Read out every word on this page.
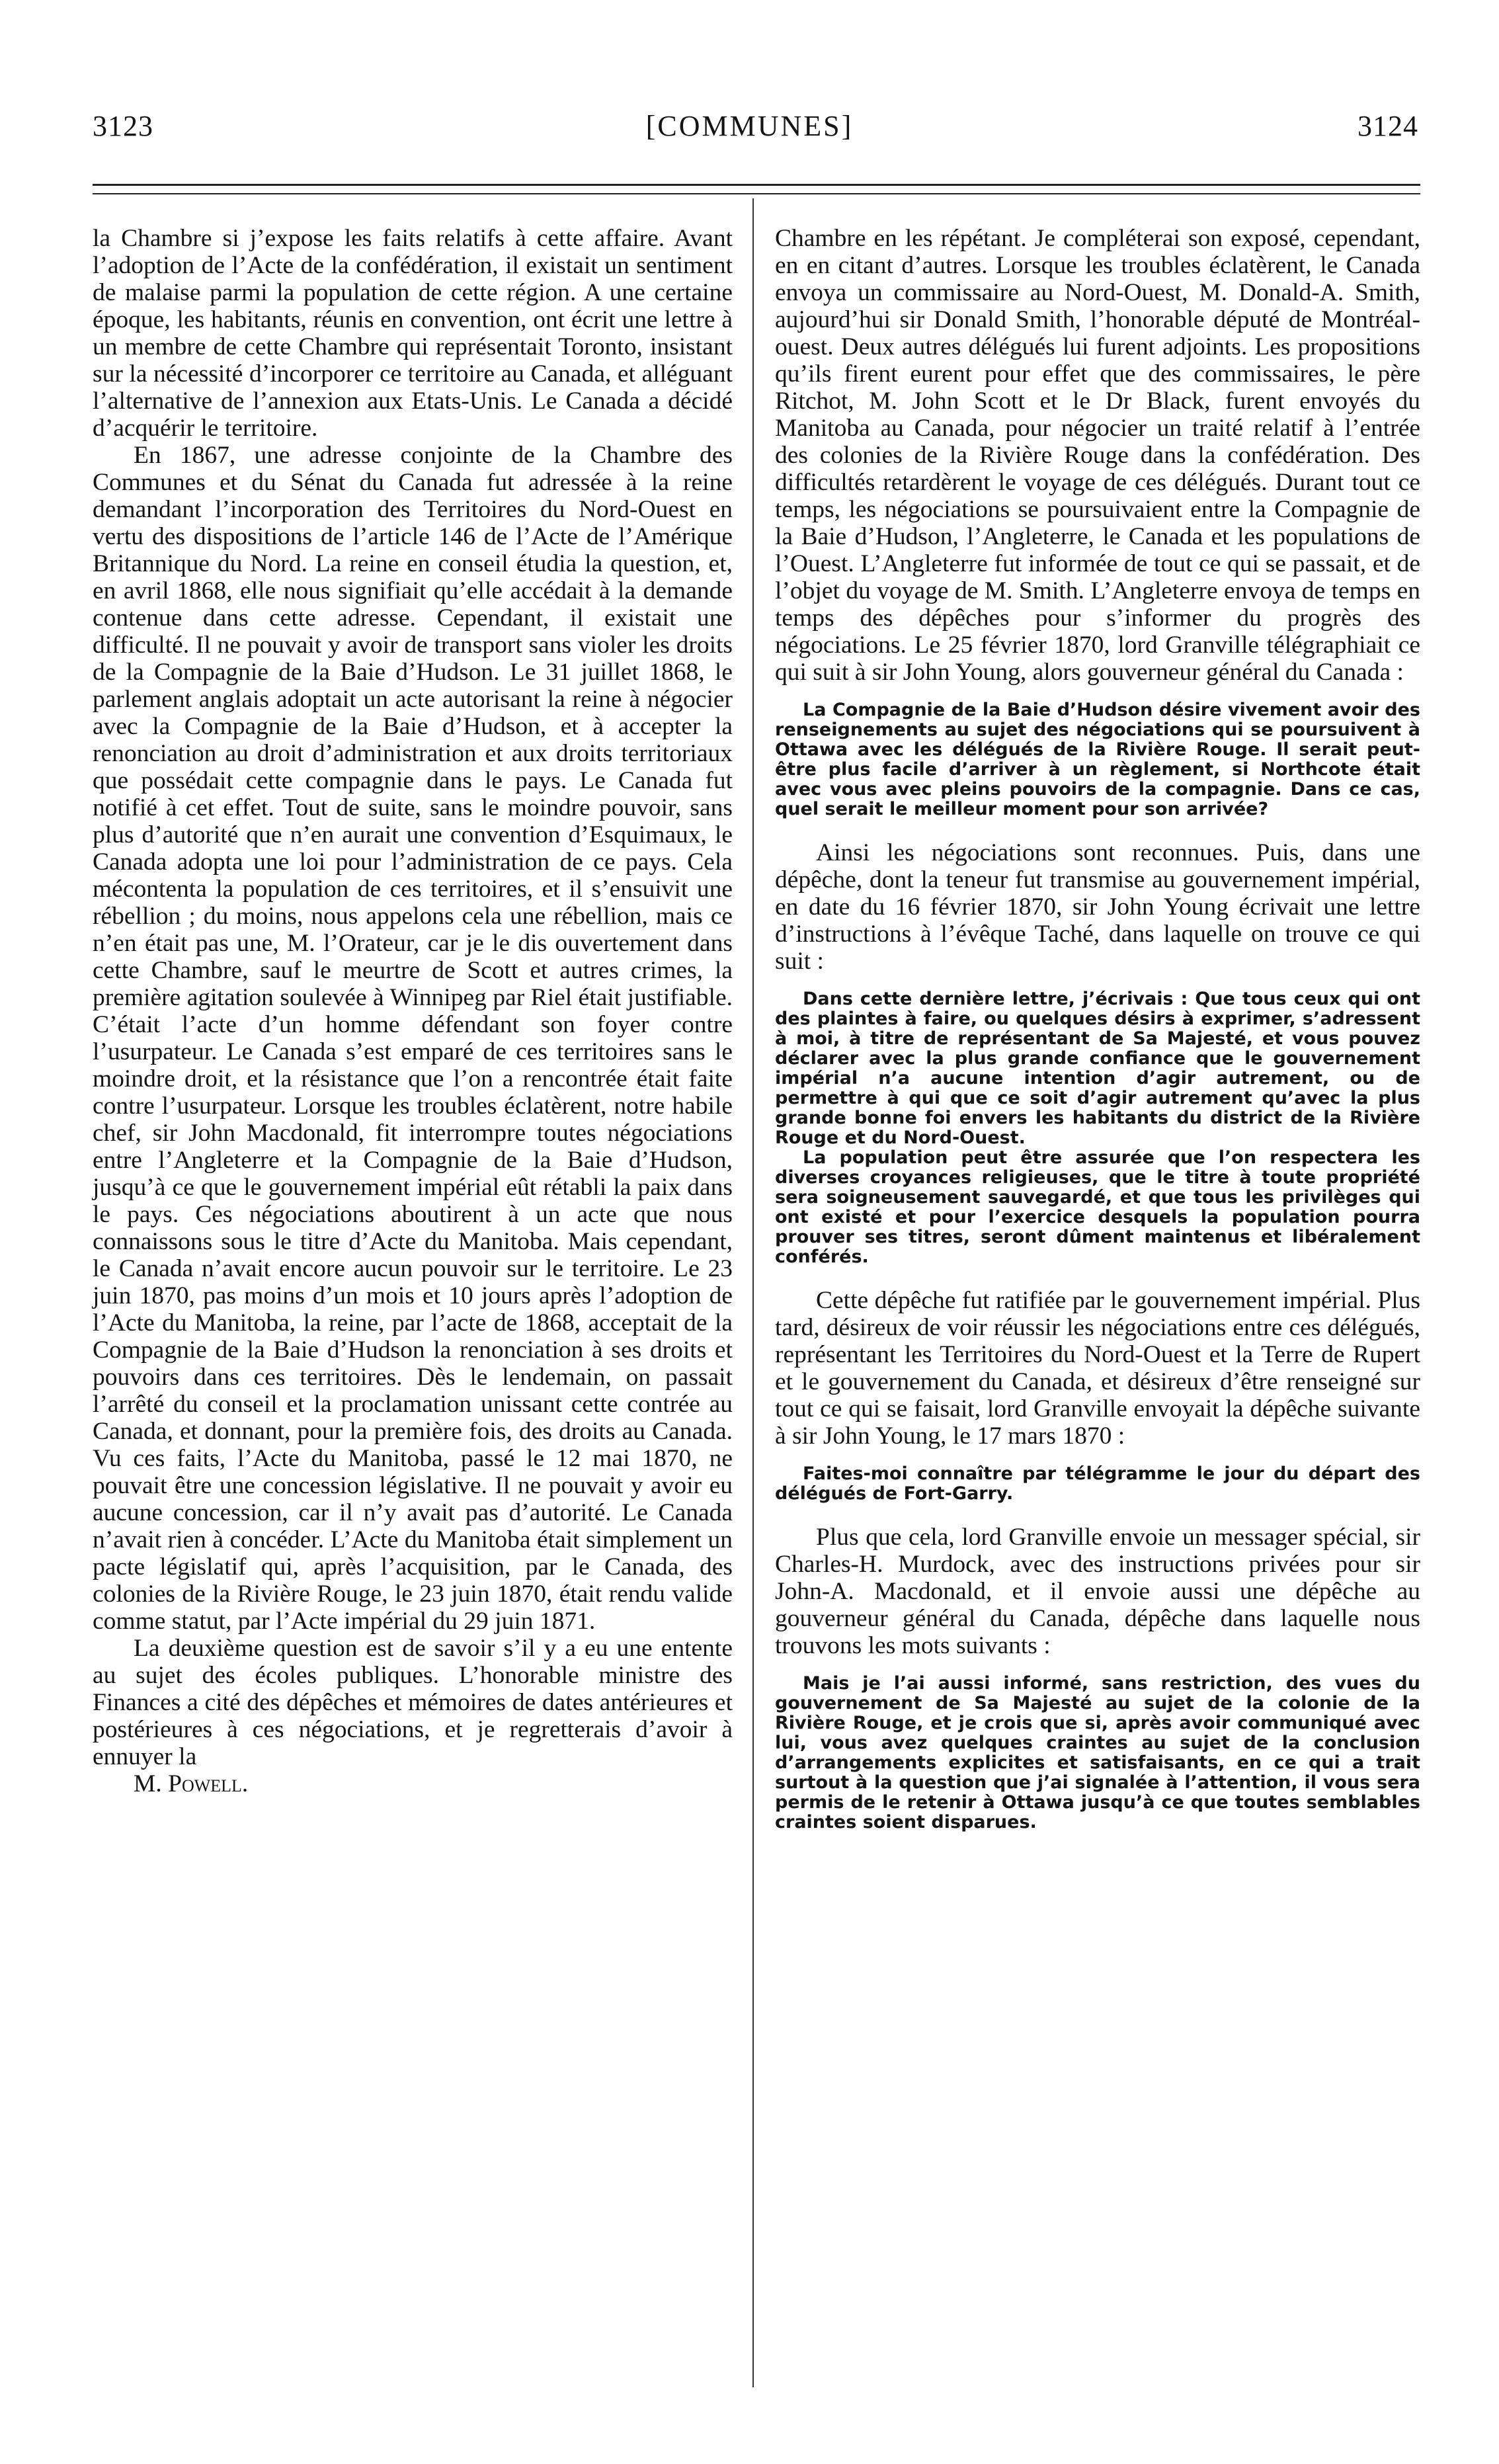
3123	[COMMUNES]	3124

la Chambre si j’expose les faits relatifs à cette affaire. Avant l’adoption de l’Acte de la confédération, il existait un sentiment de malaise parmi la population de cette région. A une certaine époque, les habitants, réunis en convention, ont écrit une lettre à un membre de cette Chambre qui représentait Toronto, insistant sur la nécessité d’incorporer ce territoire au Canada, et alléguant l’alternative de l’annexion aux Etats-Unis. Le Canada a décidé d’acquérir le territoire.

En 1867, une adresse conjointe de la Chambre des Communes et du Sénat du Canada fut adressée à la reine demandant l’incorporation des Territoires du Nord-Ouest en vertu des dispositions de l’article 146 de l’Acte de l’Amérique Britannique du Nord. La reine en conseil étudia la question, et, en avril 1868, elle nous signifiait qu’elle accédait à la demande contenue dans cette adresse. Cependant, il existait une difficulté. Il ne pouvait y avoir de transport sans violer les droits de la Compagnie de la Baie d’Hudson. Le 31 juillet 1868, le parlement anglais adoptait un acte autorisant la reine à négocier avec la Compagnie de la Baie d’Hudson, et à accepter la renonciation au droit d’administration et aux droits territoriaux que possédait cette compagnie dans le pays. Le Canada fut notifié à cet effet. Tout de suite, sans le moindre pouvoir, sans plus d’autorité que n’en aurait une convention d’Esquimaux, le Canada adopta une loi pour l’administration de ce pays. Cela mécontenta la population de ces territoires, et il s’ensuivit une rébellion ; du moins, nous appelons cela une rébellion, mais ce n’en était pas une, M. l’Orateur, car je le dis ouvertement dans cette Chambre, sauf le meurtre de Scott et autres crimes, la première agitation soulevée à Winnipeg par Riel était justifiable. C’était l’acte d’un homme défendant son foyer contre l’usurpateur. Le Canada s’est emparé de ces territoires sans le moindre droit, et la résistance que l’on a rencontrée était faite contre l’usurpateur. Lorsque les troubles éclatèrent, notre habile chef, sir John Macdonald, fit interrompre toutes négociations entre l’Angleterre et la Compagnie de la Baie d’Hudson, jusqu’à ce que le gouvernement impérial eût rétabli la paix dans le pays. Ces négociations aboutirent à un acte que nous connaissons sous le titre d’Acte du Manitoba. Mais cependant, le Canada n’avait encore aucun pouvoir sur le territoire. Le 23 juin 1870, pas moins d’un mois et 10 jours après l’adoption de l’Acte du Manitoba, la reine, par l’acte de 1868, acceptait de la Compagnie de la Baie d’Hudson la renonciation à ses droits et pouvoirs dans ces territoires. Dès le lendemain, on passait l’arrêté du conseil et la proclamation unissant cette contrée au Canada, et donnant, pour la première fois, des droits au Canada. Vu ces faits, l’Acte du Manitoba, passé le 12 mai 1870, ne pouvait être une concession législative. Il ne pouvait y avoir eu aucune concession, car il n’y avait pas d’autorité. Le Canada n’avait rien à concéder. L’Acte du Manitoba était simplement un pacte législatif qui, après l’acquisition, par le Canada, des colonies de la Rivière Rouge, le 23 juin 1870, était rendu valide comme statut, par l’Acte impérial du 29 juin 1871.

La deuxième question est de savoir s’il y a eu une entente au sujet des écoles publiques. L’honorable ministre des Finances a cité des dépêches et mémoires de dates antérieures et postérieures à ces négociations, et je regretterais d’avoir à ennuyer la

M. Powell.

Chambre en les répétant. Je compléterai son exposé, cependant, en en citant d’autres. Lorsque les troubles éclatèrent, le Canada envoya un commissaire au Nord-Ouest, M. Donald-A. Smith, aujourd’hui sir Donald Smith, l’honorable député de Montréal-ouest. Deux autres délégués lui furent adjoints. Les propositions qu’ils firent eurent pour effet que des commissaires, le père Ritchot, M. John Scott et le Dr Black, furent envoyés du Manitoba au Canada, pour négocier un traité relatif à l’entrée des colonies de la Rivière Rouge dans la confédération. Des difficultés retardèrent le voyage de ces délégués. Durant tout ce temps, les négociations se poursuivaient entre la Compagnie de la Baie d’Hudson, l’Angleterre, le Canada et les populations de l’Ouest. L’Angleterre fut informée de tout ce qui se passait, et de l’objet du voyage de M. Smith. L’Angleterre envoya de temps en temps des dépêches pour s’informer du progrès des négociations. Le 25 février 1870, lord Granville télégraphiait ce qui suit à sir John Young, alors gouverneur général du Canada :

La Compagnie de la Baie d’Hudson désire vivement avoir des renseignements au sujet des négociations qui se poursuivent à Ottawa avec les délégués de la Rivière Rouge. Il serait peut-être plus facile d’arriver à un règlement, si Northcote était avec vous avec pleins pouvoirs de la compagnie. Dans ce cas, quel serait le meilleur moment pour son arrivée?

Ainsi les négociations sont reconnues. Puis, dans une dépêche, dont la teneur fut transmise au gouvernement impérial, en date du 16 février 1870, sir John Young écrivait une lettre d’instructions à l’évêque Taché, dans laquelle on trouve ce qui suit :

Dans cette dernière lettre, j’écrivais : Que tous ceux qui ont des plaintes à faire, ou quelques désirs à exprimer, s’adressent à moi, à titre de représentant de Sa Majesté, et vous pouvez déclarer avec la plus grande confiance que le gouvernement impérial n’a aucune intention d’agir autrement, ou de permettre à qui que ce soit d’agir autrement qu’avec la plus grande bonne foi envers les habitants du district de la Rivière Rouge et du Nord-Ouest.

La population peut être assurée que l’on respectera les diverses croyances religieuses, que le titre à toute propriété sera soigneusement sauvegardé, et que tous les privilèges qui ont existé et pour l’exercice desquels la population pourra prouver ses titres, seront dûment maintenus et libéralement conférés.

Cette dépêche fut ratifiée par le gouvernement impérial. Plus tard, désireux de voir réussir les négociations entre ces délégués, représentant les Territoires du Nord-Ouest et la Terre de Rupert et le gouvernement du Canada, et désireux d’être renseigné sur tout ce qui se faisait, lord Granville envoyait la dépêche suivante à sir John Young, le 17 mars 1870 :

Faites-moi connaître par télégramme le jour du départ des délégués de Fort-Garry.

Plus que cela, lord Granville envoie un messager spécial, sir Charles-H. Murdock, avec des instructions privées pour sir John-A. Macdonald, et il envoie aussi une dépêche au gouverneur général du Canada, dépêche dans laquelle nous trouvons les mots suivants :

Mais je l’ai aussi informé, sans restriction, des vues du gouvernement de Sa Majesté au sujet de la colonie de la Rivière Rouge, et je crois que si, après avoir communiqué avec lui, vous avez quelques craintes au sujet de la conclusion d’arrangements explicites et satisfaisants, en ce qui a trait surtout à la question que j’ai signalée à l’attention, il vous sera permis de le retenir à Ottawa jusqu’à ce que toutes semblables craintes soient disparues.
